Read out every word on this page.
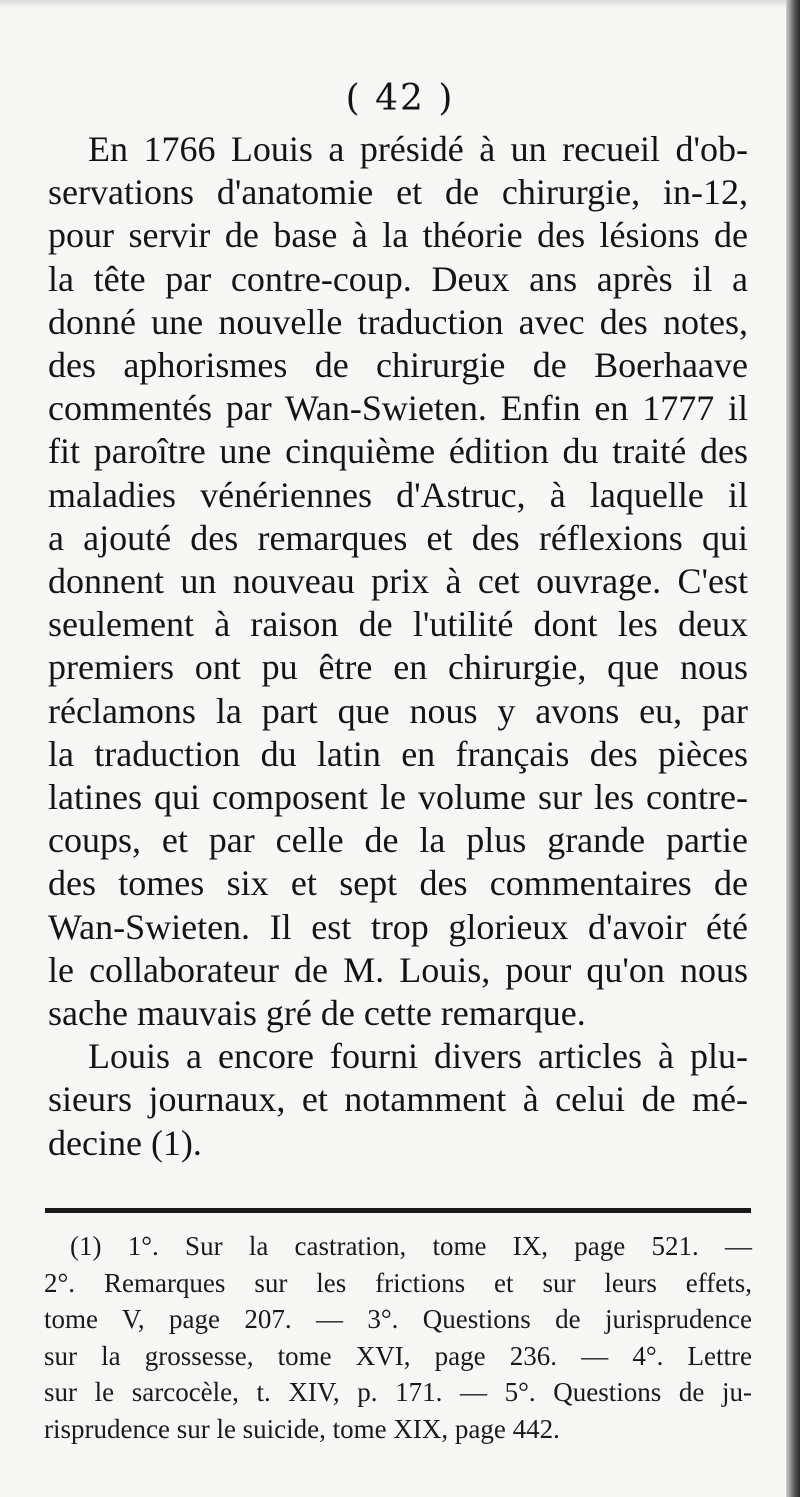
( 42 )
En 1766 Louis a présidé à un recueil d'ob-
servations d'anatomie et de chirurgie, in-12,
pour servir de base à la théorie des lésions de
la tête par contre-coup. Deux ans après il a
donné une nouvelle traduction avec des notes,
des aphorismes de chirurgie de Boerhaave
commentés par Wan-Swieten. Enfin en 1777 il
fit paroître une cinquième édition du traité des
maladies vénériennes d'Astruc, à laquelle il
a ajouté des remarques et des réflexions qui
donnent un nouveau prix à cet ouvrage. C'est
seulement à raison de l'utilité dont les deux
premiers ont pu être en chirurgie, que nous
réclamons la part que nous y avons eu, par
la traduction du latin en français des pièces
latines qui composent le volume sur les contre-
coups, et par celle de la plus grande partie
des tomes six et sept des commentaires de
Wan-Swieten. Il est trop glorieux d'avoir été
le collaborateur de M. Louis, pour qu'on nous
sache mauvais gré de cette remarque.
Louis a encore fourni divers articles à plu-
sieurs journaux, et notamment à celui de mé-
decine (1).
(1) 1°. Sur la castration, tome IX, page 521. —
2°. Remarques sur les frictions et sur leurs effets,
tome V, page 207. — 3°. Questions de jurisprudence
sur la grossesse, tome XVI, page 236. — 4°. Lettre
sur le sarcocèle, t. XIV, p. 171. — 5°. Questions de ju-
risprudence sur le suicide, tome XIX, page 442.
